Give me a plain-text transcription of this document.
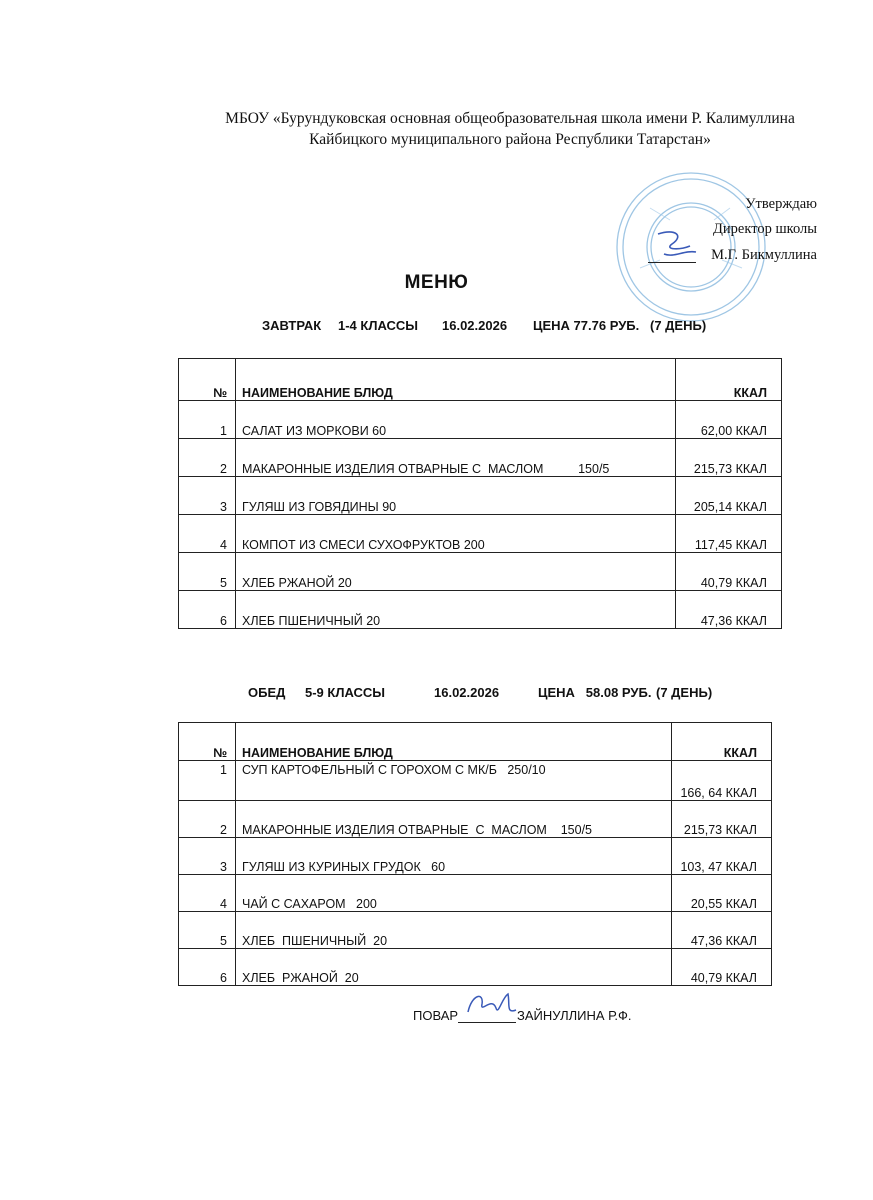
МБОУ «Бурундуковская основная общеобразовательная школа имени Р. Калимуллина
Кайбицкого муниципального района Республики Татарстан»
Утверждаю
Директор школы
М.Г. Бикмуллина
МЕНЮ
ЗАВТРАК 1-4 КЛАССЫ 16.02.2026 ЦЕНА 77.76 РУБ. (7 ДЕНЬ)
№	НАИМЕНОВАНИЕ БЛЮД	ККАЛ
1	САЛАТ ИЗ МОРКОВИ 60	62,00 ККАЛ
2	МАКАРОННЫЕ ИЗДЕЛИЯ ОТВАРНЫЕ С  МАСЛОМ          150/5	215,73 ККАЛ
3	ГУЛЯШ ИЗ ГОВЯДИНЫ 90	205,14 ККАЛ
4	КОМПОТ ИЗ СМЕСИ СУХОФРУКТОВ 200	117,45 ККАЛ
5	ХЛЕБ РЖАНОЙ 20	40,79 ККАЛ
6	ХЛЕБ ПШЕНИЧНЫЙ 20	47,36 ККАЛ
ОБЕД 5-9 КЛАССЫ	16.02.2026	ЦЕНА   58.08 РУБ. (7 ДЕНЬ)
№	НАИМЕНОВАНИЕ БЛЮД	ККАЛ
1	СУП КАРТОФЕЛЬНЫЙ С ГОРОХОМ С МК/Б   250/10	166, 64 ККАЛ
2	МАКАРОННЫЕ ИЗДЕЛИЯ ОТВАРНЫЕ  С  МАСЛОМ    150/5	215,73 ККАЛ
3	ГУЛЯШ ИЗ КУРИНЫХ ГРУДОК   60	103, 47 ККАЛ
4	ЧАЙ С САХАРОМ   200	20,55 ККАЛ
5	ХЛЕБ  ПШЕНИЧНЫЙ  20	47,36 ККАЛ
6	ХЛЕБ  РЖАНОЙ  20	40,79 ККАЛ
ПОВАР	ЗАЙНУЛЛИНА Р.Ф.
